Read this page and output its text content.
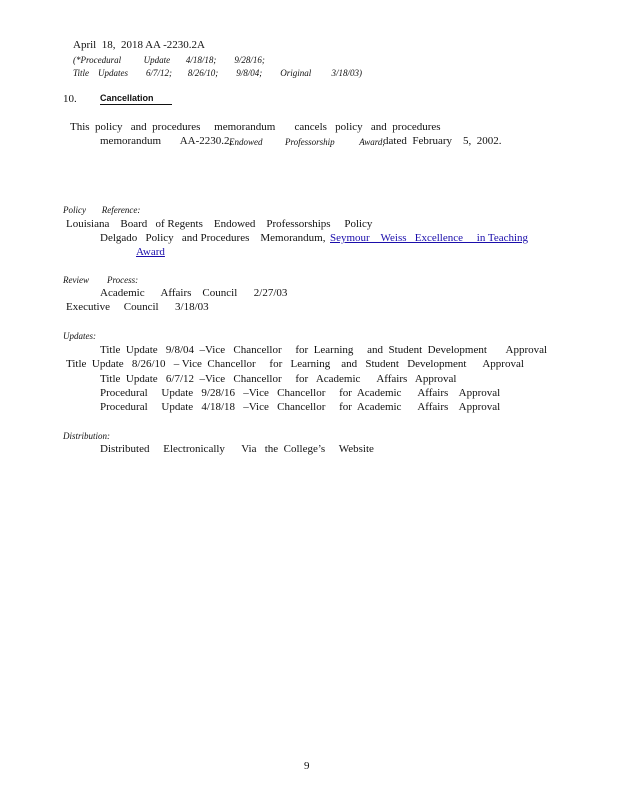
April  18,  2018 AA -2230.2A
(*Procedural          Update       4/18/18;        9/28/16;
Title    Updates        6/7/12;       8/26/10;        9/8/04;        Original         3/18/03)
10.	Cancellation
This  policy   and  procedures     memorandum       cancels   policy   and  procedures
memorandum       AA-2230.2,
Endowed          Professorship           Award,
dated  February    5,  2002.
Policy       Reference:
Louisiana    Board   of Regents    Endowed    Professorships     Policy
Delgado   Policy   and Procedures    Memorandum, Seymour    Weiss   Excellence     in Teaching
Award
Review        Process:
Academic      Affairs    Council      2/27/03
Executive     Council      3/18/03
Updates:
Title  Update   9/8/04  –Vice   Chancellor     for  Learning     and  Student  Development       Approval
Title  Update   8/26/10   – Vice  Chancellor     for   Learning    and   Student   Development      Approval
Title  Update   6/7/12  –Vice   Chancellor     for   Academic      Affairs   Approval
Procedural     Update   9/28/16   –Vice   Chancellor     for  Academic      Affairs    Approval
Procedural     Update   4/18/18   –Vice   Chancellor     for  Academic      Affairs    Approval
Distribution:
Distributed     Electronically      Via   the  College’s     Website
9
